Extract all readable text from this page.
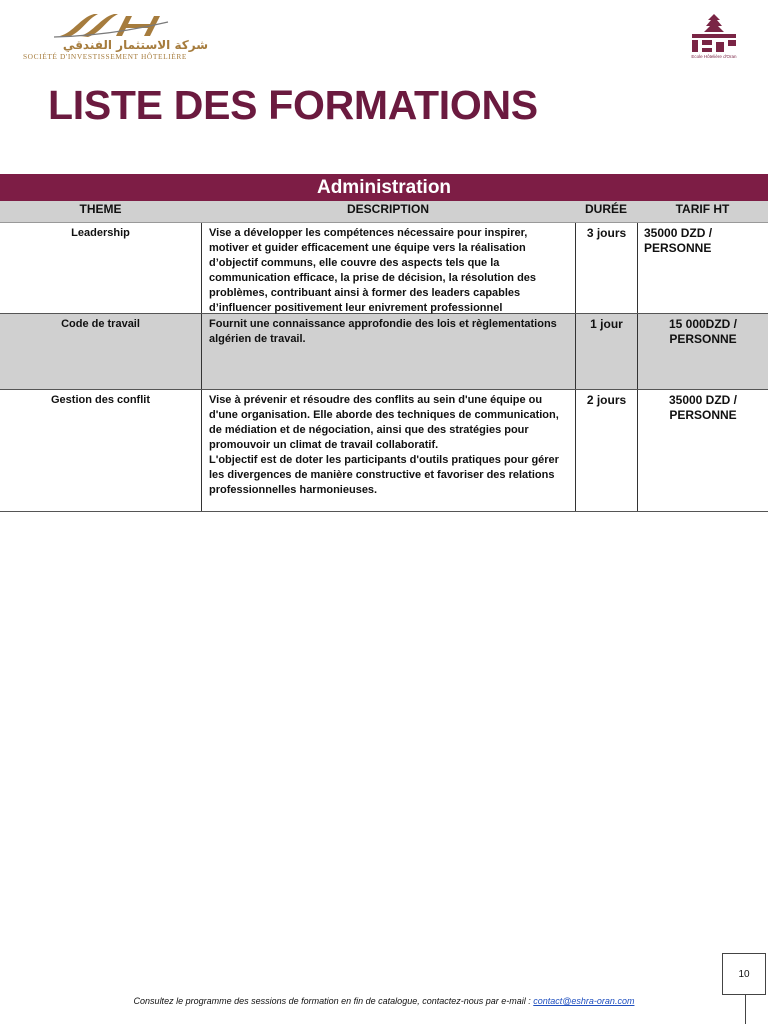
شركة الاستثمار الفندقي
SOCIÉTÉ D'INVESTISSEMENT HÔTELIÈRE	Ecole Hôtelière d'Oran
LISTE DES FORMATIONS
Administration
THEME	DESCRIPTION	DURÉE	TARIF HT
Leadership	Vise a développer les compétences nécessaire pour inspirer,
motiver et guider efficacement une équipe vers la réalisation
d’objectif communs, elle couvre des aspects tels que la
communication efficace, la prise de décision, la résolution des
problèmes, contribuant ainsi à former des leaders capables
d’influencer positivement leur enivrement professionnel
3 jours	35000 DZD /
PERSONNE
Code de travail	Fournit une connaissance approfondie des lois et règlementations
algérien de travail.
1 jour	15 000DZD /
PERSONNE
Gestion des conflit	Vise à prévenir et résoudre des conflits au sein d'une équipe ou
d'une organisation. Elle aborde des techniques de communication,
de médiation et de négociation, ainsi que des stratégies pour
promouvoir un climat de travail collaboratif.
L'objectif est de doter les participants d'outils pratiques pour gérer
les divergences de manière constructive et favoriser des relations
professionnelles harmonieuses.
2 jours	35000 DZD /
PERSONNE
10
Consultez le programme des sessions de formation en fin de catalogue, contactez-nous par e-mail : contact@eshra-oran.com
